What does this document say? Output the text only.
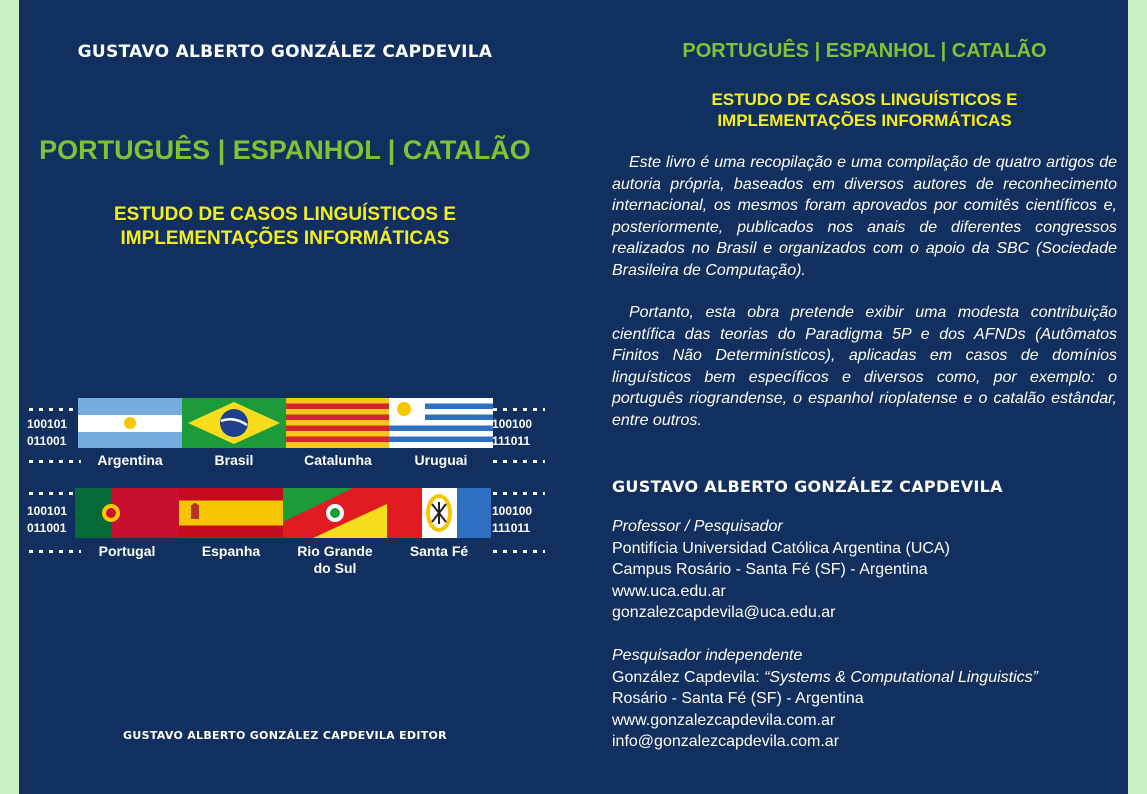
GUSTAVO ALBERTO GONZÁLEZ CAPDEVILA
PORTUGUÊS | ESPANHOL | CATALÃO
ESTUDO DE CASOS LINGUÍSTICOS E
IMPLEMENTAÇÕES INFORMÁTICAS
100101
011001
100100
111011
Argentina	Brasil	Catalunha	Uruguai
100101
011001
100100
111011
Portugal	Espanha	Rio Grande
do Sul
Santa Fé
GUSTAVO ALBERTO GONZÁLEZ CAPDEVILA EDITOR
PORTUGUÊS | ESPANHOL | CATALÃO
ESTUDO DE CASOS LINGUÍSTICOS E
IMPLEMENTAÇÕES INFORMÁTICAS

Este livro é uma recopilação e uma compilação de quatro artigos de autoria própria, baseados em diversos autores de reconhecimento internacional, os mesmos foram aprovados por comitês científicos e, posteriormente, publicados nos anais de diferentes congressos realizados no Brasil e organizados com o apoio da SBC (Sociedade Brasileira de Computação).

Portanto, esta obra pretende exibir uma modesta contribuição científica das teorias do Paradigma 5P e dos AFNDs (Autômatos Finitos Não Determinísticos), aplicadas em casos de domínios linguísticos bem específicos e diversos como, por exemplo: o português riograndense, o espanhol rioplatense e o catalão estândar, entre outros.

GUSTAVO ALBERTO GONZÁLEZ CAPDEVILA
Professor / Pesquisador
Pontifícia Universidad Católica Argentina (UCA)
Campus Rosário - Santa Fé (SF) - Argentina
www.uca.edu.ar
gonzalezcapdevila@uca.edu.ar
Pesquisador independente
González Capdevila: “Systems & Computational Linguistics”
Rosário - Santa Fé (SF) - Argentina
www.gonzalezcapdevila.com.ar
info@gonzalezcapdevila.com.ar
